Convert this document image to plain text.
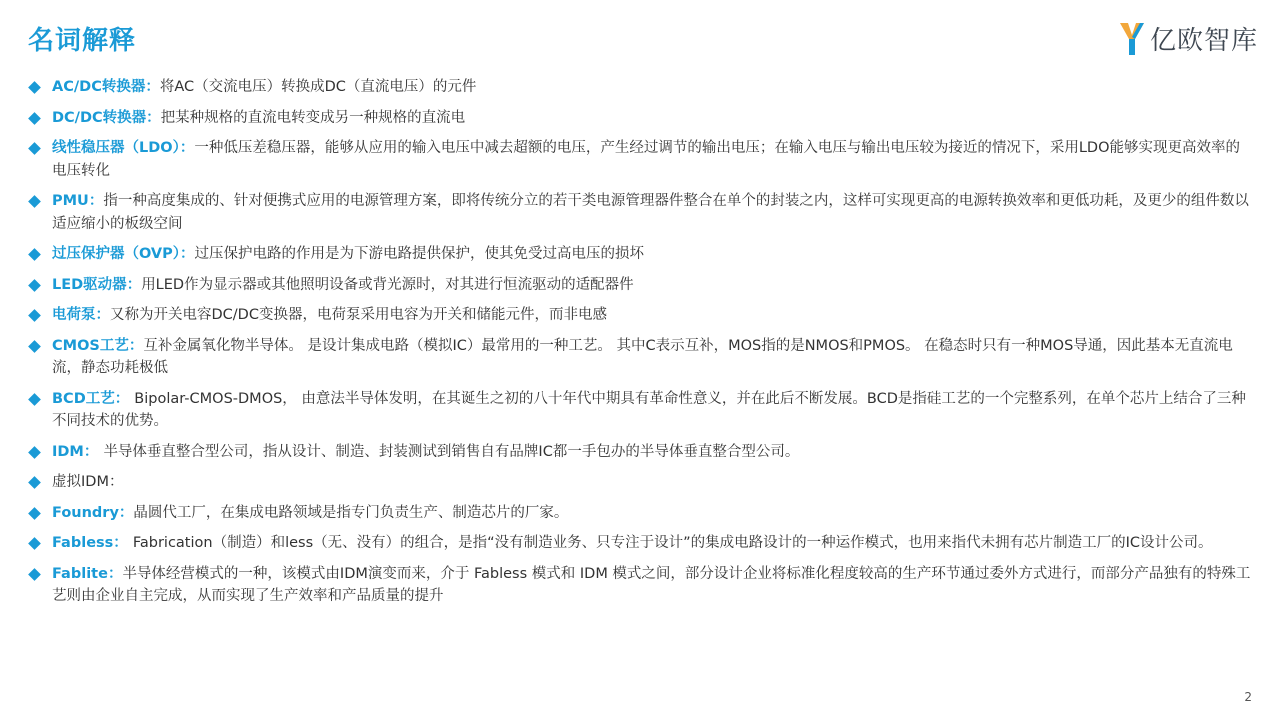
名词解释	亿欧智库
AC/DC转换器：将AC（交流电压）转换成DC（直流电压）的元件
DC/DC转换器：把某种规格的直流电转变成另一种规格的直流电
线性稳压器（LDO）：一种低压差稳压器，能够从应用的输入电压中减去超额的电压，产生经过调节的输出电压；在输入电压与输出电压较为接近的情况下，采用LDO能够实现更高效率的电压转化
PMU：指一种高度集成的、针对便携式应用的电源管理方案，即将传统分立的若干类电源管理器件整合在单个的封装之内，这样可实现更高的电源转换效率和更低功耗，及更少的组件数以适应缩小的板级空间
过压保护器（OVP）：过压保护电路的作用是为下游电路提供保护，使其免受过高电压的损坏
LED驱动器：用LED作为显示器或其他照明设备或背光源时，对其进行恒流驱动的适配器件
电荷泵：又称为开关电容DC/DC变换器，电荷泵采用电容为开关和储能元件，而非电感
CMOS工艺：互补金属氧化物半导体。 是设计集成电路（模拟IC）最常用的一种工艺。 其中C表示互补，MOS指的是NMOS和PMOS。 在稳态时只有一种MOS导通，因此基本无直流电流，静态功耗极低
BCD工艺： Bipolar-CMOS-DMOS， 由意法半导体发明，在其诞生之初的八十年代中期具有革命性意义，并在此后不断发展。BCD是指硅工艺的一个完整系列，在单个芯片上结合了三种不同技术的优势。
IDM： 半导体垂直整合型公司，指从设计、制造、封装测试到销售自有品牌IC都一手包办的半导体垂直整合型公司。
虚拟IDM：
Foundry：晶圆代工厂，在集成电路领域是指专门负责生产、制造芯片的厂家。
Fabless： Fabrication（制造）和less（无、没有）的组合，是指“没有制造业务、只专注于设计”的集成电路设计的一种运作模式，也用来指代未拥有芯片制造工厂的IC设计公司。
Fablite：半导体经营模式的一种，该模式由IDM演变而来，介于 Fabless 模式和 IDM 模式之间，部分设计企业将标准化程度较高的生产环节通过委外方式进行，而部分产品独有的特殊工艺则由企业自主完成，从而实现了生产效率和产品质量的提升
2
